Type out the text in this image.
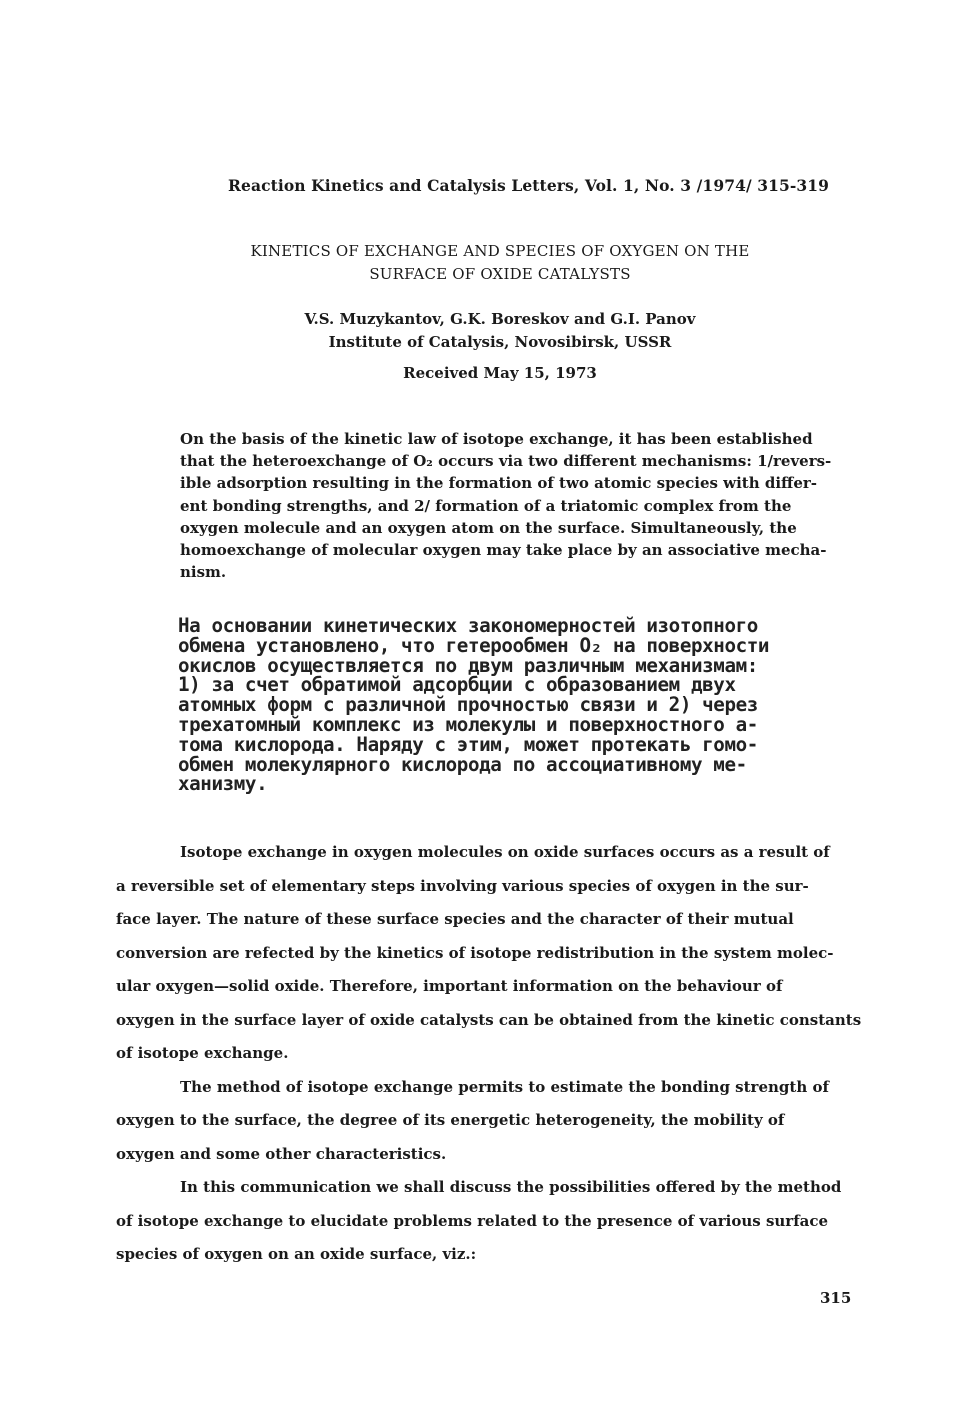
Reaction Kinetics and Catalysis Letters, Vol. 1, No. 3 /1974/ 315-319
KINETICS OF EXCHANGE AND SPECIES OF OXYGEN ON THE
SURFACE OF OXIDE CATALYSTS
V.S. Muzykantov, G.K. Boreskov and G.I. Panov
Institute of Catalysis, Novosibirsk, USSR
Received May 15, 1973
On the basis of the kinetic law of isotope exchange, it has been established
that the heteroexchange of O₂ occurs via two different mechanisms: 1/revers-
ible adsorption resulting in the formation of two atomic species with differ-
ent bonding strengths, and 2/ formation of a triatomic complex from the
oxygen molecule and an oxygen atom on the surface. Simultaneously, the
homoexchange of molecular oxygen may take place by an associative mecha-
nism.
На основании кинетических закономерностей изотопного
обмена установлено, что гетерообмен O₂ на поверхности
окислов осуществляется по двум различным механизмам:
1) за счет обратимой адсорбции с образованием двух
атомных форм с различной прочностью связи и 2) через
трехатомный комплекс из молекулы и поверхностного а-
тома кислорода. Наряду с этим, может протекать гомо-
обмен молекулярного кислорода по ассоциативному ме-
ханизму.
Isotope exchange in oxygen molecules on oxide surfaces occurs as a result of
a reversible set of elementary steps involving various species of oxygen in the sur-
face layer. The nature of these surface species and the character of their mutual
conversion are refected by the kinetics of isotope redistribution in the system molec-
ular oxygen—solid oxide. Therefore, important information on the behaviour of
oxygen in the surface layer of oxide catalysts can be obtained from the kinetic constants
of isotope exchange.
The method of isotope exchange permits to estimate the bonding strength of
oxygen to the surface, the degree of its energetic heterogeneity, the mobility of
oxygen and some other characteristics.
In this communication we shall discuss the possibilities offered by the method
of isotope exchange to elucidate problems related to the presence of various surface
species of oxygen on an oxide surface, viz.:
315
